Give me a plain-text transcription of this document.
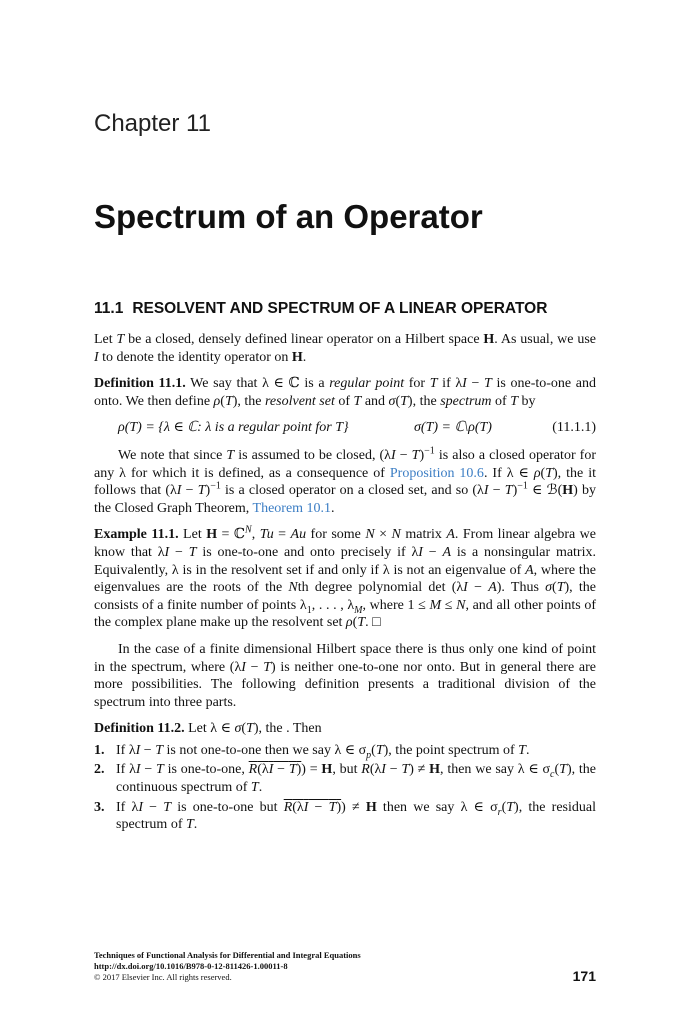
Chapter 11
Spectrum of an Operator
11.1 RESOLVENT AND SPECTRUM OF A LINEAR OPERATOR

Let T be a closed, densely defined linear operator on a Hilbert space H. As usual, we use I to denote the identity operator on H.

Definition 11.1. We say that λ ∈ ℂ is a regular point for T if λI − T is one-to-one and onto. We then define ρ(T), the resolvent set of T and σ(T), the spectrum of T by

ρ(T) = {λ ∈ ℂ: λ is a regular point for T}	σ(T) = ℂ\ρ(T)	(11.1.1)

We note that since T is assumed to be closed, $(\lambda I - T)^{-1}$ is also a closed operator for any λ for which it is defined, as a consequence of Proposition 10.6. If λ ∈ ρ(T), the it follows that $(\lambda I - T)^{-1}$ is a closed operator on a closed set, and so $(\lambda I - T)^{-1}$ ∈ ℬ(H) by the Closed Graph Theorem, Theorem 10.1.

Example 11.1. Let H = ℂ$^N$, Tu = Au for some N × N matrix A. From linear algebra we know that λI − T is one-to-one and onto precisely if λI − A is a nonsingular matrix. Equivalently, λ is in the resolvent set if and only if λ is not an eigenvalue of A, where the eigenvalues are the roots of the Nth degree polynomial det (λI − A). Thus σ(T), the consists of a finite number of points $\lambda_1$, . . . , $\lambda_M$, where 1 ≤ M ≤ N, and all other points of the complex plane make up the resolvent set ρ(T. □

In the case of a finite dimensional Hilbert space there is thus only one kind of point in the spectrum, where (λI − T) is neither one-to-one nor onto. But in general there are more possibilities. The following definition presents a traditional division of the spectrum into three parts.

Definition 11.2. Let λ ∈ σ(T), the . Then

1. If λI − T is not one-to-one then we say λ ∈ $\sigma_p(T)$, the point spectrum of T.
2. If λI − T is one-to-one, R(λI − T)) = H, but R(λI − T) ≠ H, then we say λ ∈ $\sigma_c(T)$, the continuous spectrum of T.
3. If λI − T is one-to-one but R(λI − T)) ≠ H then we say λ ∈ $\sigma_r(T)$, the residual spectrum of T.
Techniques of Functional Analysis for Differential and Integral Equations
http://dx.doi.org/10.1016/B978-0-12-811426-1.00011-8
© 2017 Elsevier Inc. All rights reserved.	171
